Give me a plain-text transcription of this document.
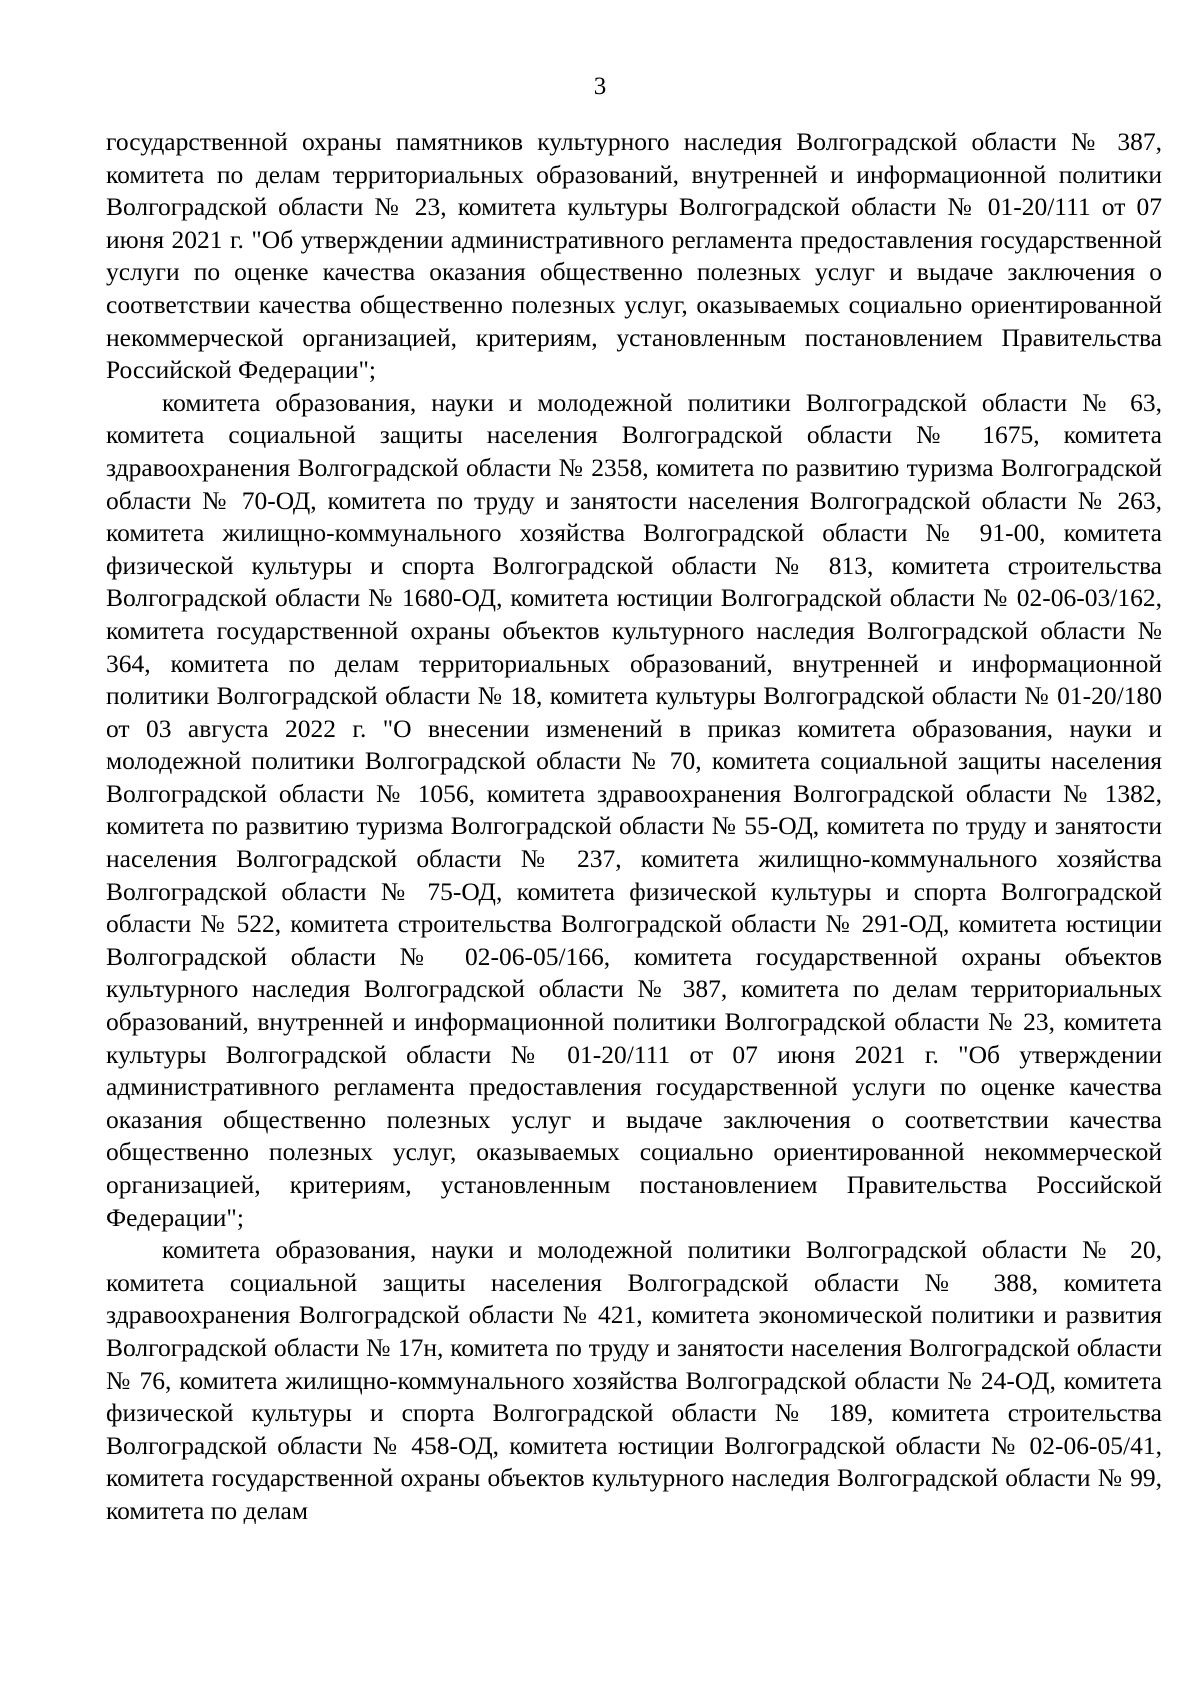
3

государственной охраны памятников культурного наследия Волгоградской области № 387, комитета по делам территориальных образований, внутренней и информационной политики Волгоградской области № 23, комитета культуры Волгоградской области № 01-20/111 от 07 июня 2021 г. "Об утверждении административного регламента предоставления государственной услуги по оценке качества оказания общественно полезных услуг и выдаче заключения о соответствии качества общественно полезных услуг, оказываемых социально ориентированной некоммерческой организацией, критериям, установленным постановлением Правительства Российской Федерации";

комитета образования, науки и молодежной политики Волгоградской области № 63, комитета социальной защиты населения Волгоградской области № 1675, комитета здравоохранения Волгоградской области № 2358, комитета по развитию туризма Волгоградской области № 70-ОД, комитета по труду и занятости населения Волгоградской области № 263, комитета жилищно-коммунального хозяйства Волгоградской области № 91-00, комитета физической культуры и спорта Волгоградской области № 813, комитета строительства Волгоградской области № 1680-ОД, комитета юстиции Волгоградской области № 02-06-03/162, комитета государственной охраны объектов культурного наследия Волгоградской области № 364, комитета по делам территориальных образований, внутренней и информационной политики Волгоградской области № 18, комитета культуры Волгоградской области № 01-20/180 от 03 августа 2022 г. "О внесении изменений в приказ комитета образования, науки и молодежной политики Волгоградской области № 70, комитета социальной защиты населения Волгоградской области № 1056, комитета здравоохранения Волгоградской области № 1382, комитета по развитию туризма Волгоградской области № 55-ОД, комитета по труду и занятости населения Волгоградской области № 237, комитета жилищно-коммунального хозяйства Волгоградской области № 75-ОД, комитета физической культуры и спорта Волгоградской области № 522, комитета строительства Волгоградской области № 291-ОД, комитета юстиции Волгоградской области № 02-06-05/166, комитета государственной охраны объектов культурного наследия Волгоградской области № 387, комитета по делам территориальных образований, внутренней и информационной политики Волгоградской области № 23, комитета культуры Волгоградской области № 01-20/111 от 07 июня 2021 г. "Об утверждении административного регламента предоставления государственной услуги по оценке качества оказания общественно полезных услуг и выдаче заключения о соответствии качества общественно полезных услуг, оказываемых социально ориентированной некоммерческой организацией, критериям, установленным постановлением Правительства Российской Федерации";

комитета образования, науки и молодежной политики Волгоградской области № 20, комитета социальной защиты населения Волгоградской области № 388, комитета здравоохранения Волгоградской области № 421, комитета экономической политики и развития Волгоградской области № 17н, комитета по труду и занятости населения Волгоградской области № 76, комитета жилищно-коммунального хозяйства Волгоградской области № 24-ОД, комитета физической культуры и спорта Волгоградской области № 189, комитета строительства Волгоградской области № 458-ОД, комитета юстиции Волгоградской области № 02-06-05/41, комитета государственной охраны объектов культурного наследия Волгоградской области № 99, комитета по делам
